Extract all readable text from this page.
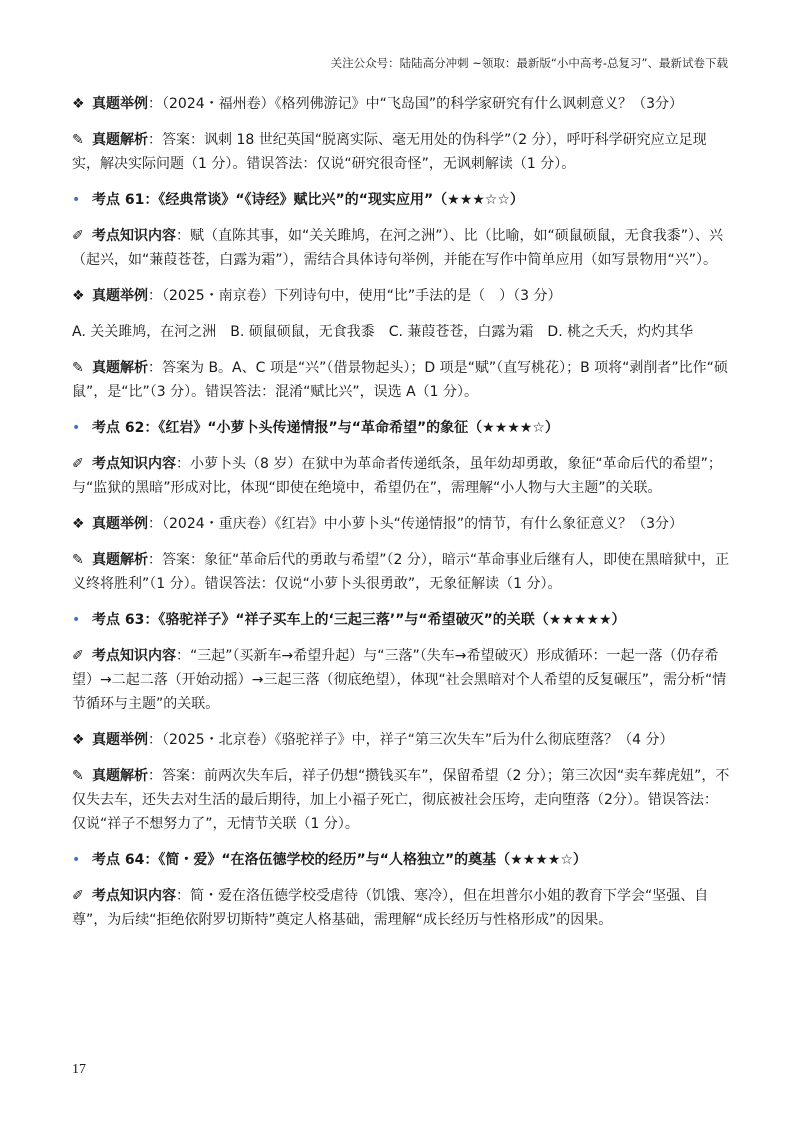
关注公众号：陆陆高分冲刺 ~领取：最新版“小中高考-总复习”、最新试卷下载
❖ 真题举例：（2024・福州卷）《格列佛游记》中“飞岛国”的科学家研究有什么讽刺意义？（3分）
✎ 真题解析：答案：讽刺 18 世纪英国“脱离实际、毫无用处的伪科学”（2 分），呼吁科学研究应立足现实，解决实际问题（1 分）。错误答法：仅说“研究很奇怪”，无讽刺解读（1 分）。
• 考点 61：《经典常谈》“《诗经》赋比兴”的“现实应用”（★★★☆☆）
✐ 考点知识内容：赋（直陈其事，如“关关雎鸠，在河之洲”）、比（比喻，如“硕鼠硕鼠，无食我黍”）、兴（起兴，如“蒹葭苍苍，白露为霜”），需结合具体诗句举例，并能在写作中简单应用（如写景物用“兴”）。
❖ 真题举例：（2025・南京卷）下列诗句中，使用“比”手法的是（　）（3 分）
A. 关关雎鸠，在河之洲　B. 硕鼠硕鼠，无食我黍　C. 蒹葭苍苍，白露为霜　D. 桃之夭夭，灼灼其华
✎ 真题解析：答案为 B。A、C 项是“兴”（借景物起头）；D 项是“赋”（直写桃花）；B 项将“剥削者”比作“硕鼠”，是“比”（3 分）。错误答法：混淆“赋比兴”，误选 A（1 分）。
• 考点 62：《红岩》“小萝卜头传递情报”与“革命希望”的象征（★★★★☆）
✐ 考点知识内容：小萝卜头（8 岁）在狱中为革命者传递纸条，虽年幼却勇敢，象征“革命后代的希望”；与“监狱的黑暗”形成对比，体现“即使在绝境中，希望仍在”，需理解“小人物与大主题”的关联。
❖ 真题举例：（2024・重庆卷）《红岩》中小萝卜头“传递情报”的情节，有什么象征意义？（3分）
✎ 真题解析：答案：象征“革命后代的勇敢与希望”（2 分），暗示“革命事业后继有人，即使在黑暗狱中，正义终将胜利”（1 分）。错误答法：仅说“小萝卜头很勇敢”，无象征解读（1 分）。
• 考点 63：《骆驼祥子》“祥子买车上的‘三起三落’”与“希望破灭”的关联（★★★★★）
✐ 考点知识内容：“三起”（买新车→希望升起）与“三落”（失车→希望破灭）形成循环：一起一落（仍存希望）→二起二落（开始动摇）→三起三落（彻底绝望），体现“社会黑暗对个人希望的反复碾压”，需分析“情节循环与主题”的关联。
❖ 真题举例：（2025・北京卷）《骆驼祥子》中，祥子“第三次失车”后为什么彻底堕落？（4 分）
✎ 真题解析：答案：前两次失车后，祥子仍想“攒钱买车”，保留希望（2 分）；第三次因“卖车葬虎妞”，不仅失去车，还失去对生活的最后期待，加上小福子死亡，彻底被社会压垮，走向堕落（2分）。错误答法：仅说“祥子不想努力了”，无情节关联（1 分）。
• 考点 64：《简・爱》“在洛伍德学校的经历”与“人格独立”的奠基（★★★★☆）
✐ 考点知识内容：简・爱在洛伍德学校受虐待（饥饿、寒冷），但在坦普尔小姐的教育下学会“坚强、自尊”，为后续“拒绝依附罗切斯特”奠定人格基础，需理解“成长经历与性格形成”的因果。
17
